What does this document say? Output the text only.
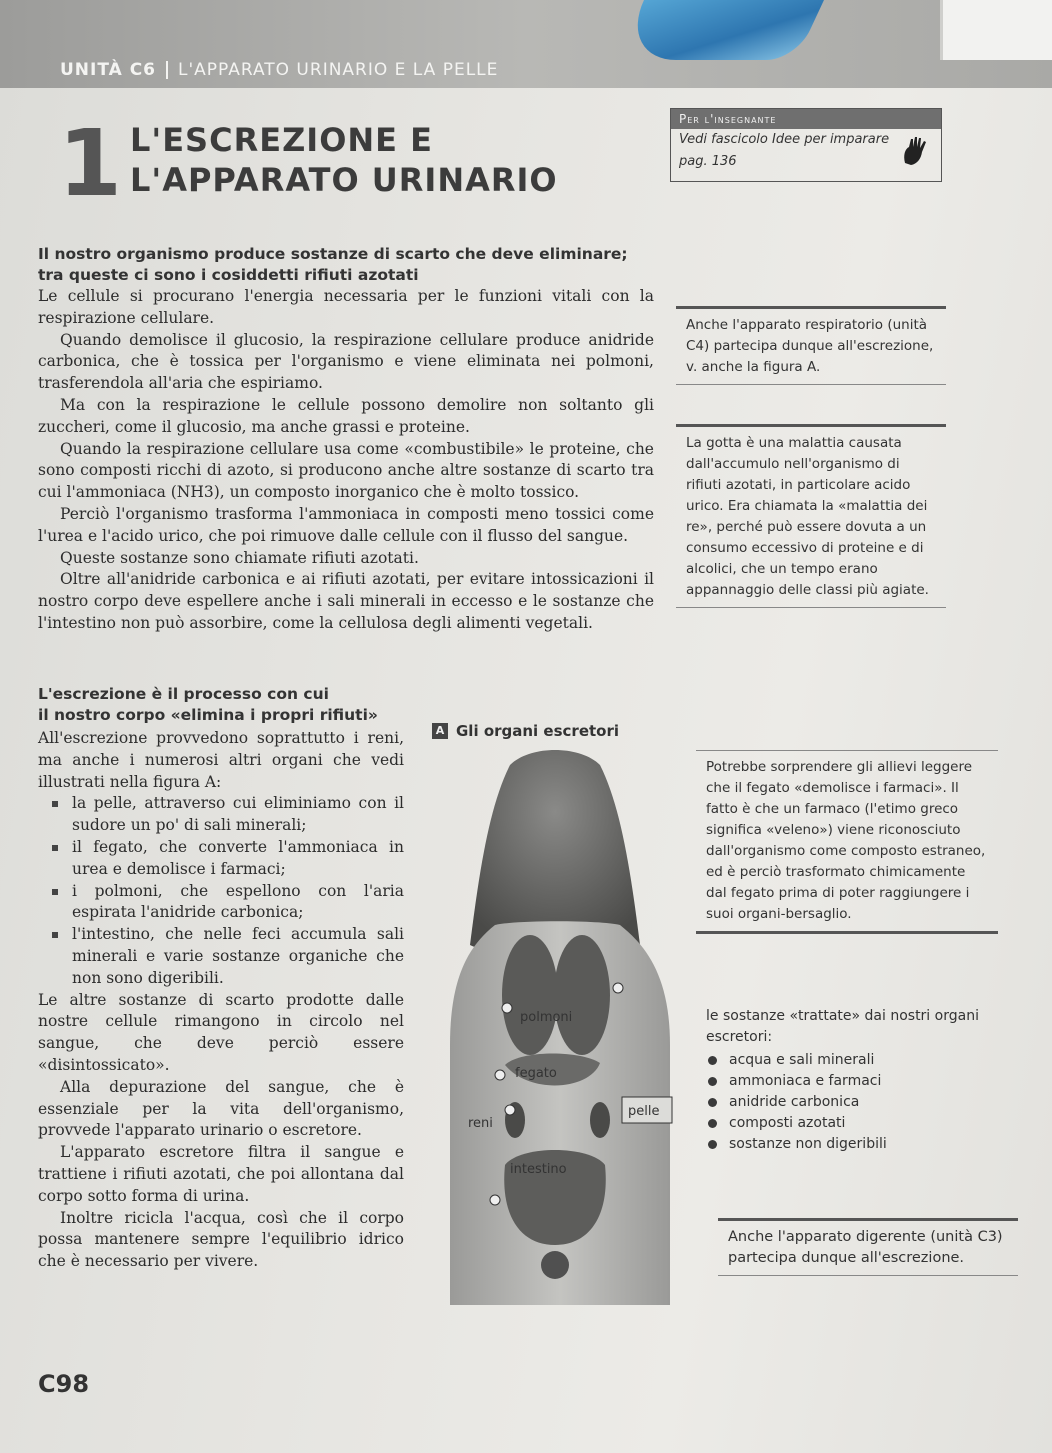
UNITÀ C6 L'APPARATO URINARIO E LA PELLE
1 L'ESCREZIONE E
L'APPARATO URINARIO
Per l'insegnante
Vedi fascicolo Idee per imparare
pag. 136
Il nostro organismo produce sostanze di scarto che deve eliminare;
tra queste ci sono i cosiddetti rifiuti azotati

Le cellule si procurano l'energia necessaria per le funzioni vitali con la respirazione cellulare.

Quando demolisce il glucosio, la respirazione cellulare produce anidride carbonica, che è tossica per l'organismo e viene eliminata nei polmoni, trasferendola all'aria che espiriamo.

Ma con la respirazione le cellule possono demolire non soltanto gli zuccheri, come il glucosio, ma anche grassi e proteine.

Quando la respirazione cellulare usa come «combustibile» le proteine, che sono composti ricchi di azoto, si producono anche altre sostanze di scarto tra cui l'ammoniaca (NH3), un composto inorganico che è molto tossico.

Perciò l'organismo trasforma l'ammoniaca in composti meno tossici come l'urea e l'acido urico, che poi rimuove dalle cellule con il flusso del sangue.

Queste sostanze sono chiamate rifiuti azotati.

Oltre all'anidride carbonica e ai rifiuti azotati, per evitare intossicazioni il nostro corpo deve espellere anche i sali minerali in eccesso e le sostanze che l'intestino non può assorbire, come la cellulosa degli alimenti vegetali.

Anche l'apparato respiratorio (unità C4) partecipa dunque all'escrezione, v. anche la figura A.
La gotta è una malattia causata dall'accumulo nell'organismo di rifiuti azotati, in particolare acido urico. Era chiamata la «malattia dei re», perché può essere dovuta a un consumo eccessivo di proteine e di alcolici, che un tempo erano appannaggio delle classi più agiate.
L'escrezione è il processo con cui
il nostro corpo «elimina i propri rifiuti»

All'escrezione provvedono soprattutto i reni, ma anche i numerosi altri organi che vedi illustrati nella figura A:

la pelle, attraverso cui eliminiamo con il sudore un po' di sali minerali;
il fegato, che converte l'ammoniaca in urea e demolisce i farmaci;
i polmoni, che espellono con l'aria espirata l'anidride carbonica;
l'intestino, che nelle feci accumula sali minerali e varie sostanze organiche che non sono digeribili.

Le altre sostanze di scarto prodotte dalle nostre cellule rimangono in circolo nel sangue, che deve perciò essere «disintossicato».

Alla depurazione del sangue, che è essenziale per la vita dell'organismo, provvede l'apparato urinario o escretore.

L'apparato escretore filtra il sangue e trattiene i rifiuti azotati, che poi allontana dal corpo sotto forma di urina.

Inoltre ricicla l'acqua, così che il corpo possa mantenere sempre l'equilibrio idrico che è necessario per vivere.

A Gli organi escretori
polmoni
fegato
reni
pelle
intestino
Potrebbe sorprendere gli allievi leggere che il fegato «demolisce i farmaci». Il fatto è che un farmaco (l'etimo greco significa «veleno») viene riconosciuto dall'organismo come composto estraneo, ed è perciò trasformato chimicamente dal fegato prima di poter raggiungere i suoi organi-bersaglio.
le sostanze «trattate» dai nostri organi escretori:
acqua e sali minerali
ammoniaca e farmaci
anidride carbonica
composti azotati
sostanze non digeribili
Anche l'apparato digerente (unità C3) partecipa dunque all'escrezione.
C98
